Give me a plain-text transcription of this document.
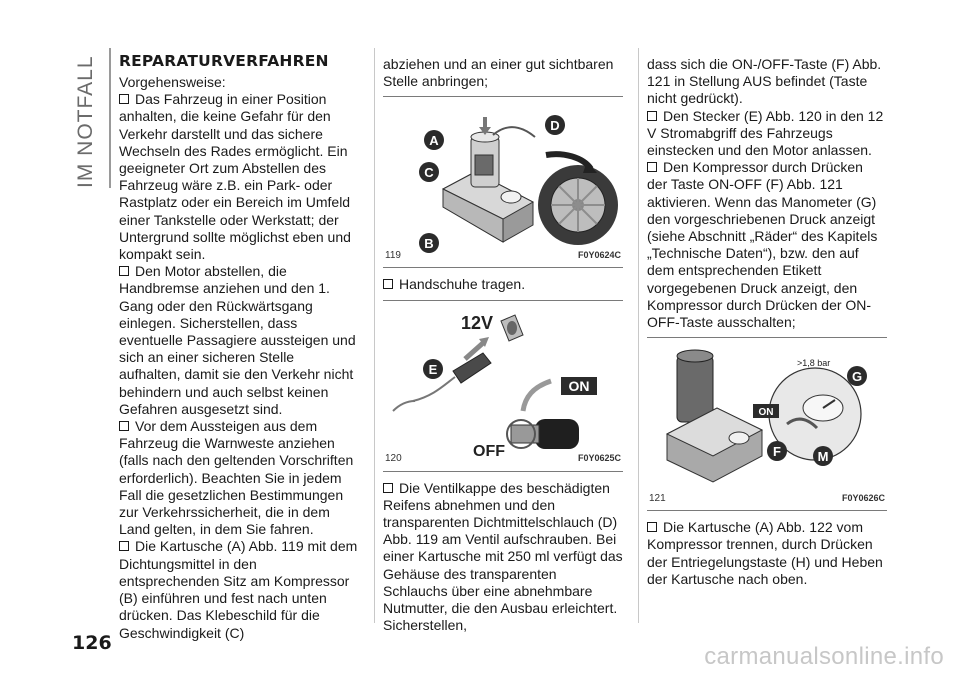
IM NOTFALL REPARATURVERFAHREN

Vorgehensweise:

Das Fahrzeug in einer Position anhalten, die keine Gefahr für den Verkehr darstellt und das sichere Wechseln des Rades ermöglicht. Ein geeigneter Ort zum Abstellen des Fahrzeug wäre z.B. ein Park- oder Rastplatz oder ein Bereich im Umfeld einer Tankstelle oder Werkstatt; der Untergrund sollte möglichst eben und kompakt sein.

Den Motor abstellen, die Handbremse anziehen und den 1. Gang oder den Rückwärtsgang einlegen. Sicherstellen, dass eventuelle Passagiere aussteigen und sich an einer sicheren Stelle aufhalten, damit sie den Verkehr nicht behindern und auch selbst keinen Gefahren ausgesetzt sind.

Vor dem Aussteigen aus dem Fahrzeug die Warnweste anziehen (falls nach den geltenden Vorschriften erforderlich). Beachten Sie in jedem Fall die gesetzlichen Bestimmungen zur Verkehrssicherheit, die in dem Land gelten, in dem Sie fahren.

Die Kartusche (A) Abb. 119 mit dem Dichtungsmittel in den entsprechenden Sitz am Kompressor (B) einführen und fest nach unten drücken. Das Klebeschild für die Geschwindigkeit (C)

abziehen und an einer gut sichtbaren Stelle anbringen;

A
C
B
D
119	F0Y0624C

Handschuhe tragen.

12V
E
ON
OFF
120	F0Y0625C

Die Ventilkappe des beschädigten Reifens abnehmen und den transparenten Dichtmittelschlauch (D) Abb. 119 am Ventil aufschrauben. Bei einer Kartusche mit 250 ml verfügt das Gehäuse des transparenten Schlauchs über eine abnehmbare Nutmutter, die den Ausbau erleichtert. Sicherstellen,

dass sich die ON-/OFF-Taste (F) Abb. 121 in Stellung AUS befindet (Taste nicht gedrückt).

Den Stecker (E) Abb. 120 in den 12 V Stromabgriff des Fahrzeugs einstecken und den Motor anlassen.

Den Kompressor durch Drücken der Taste ON-OFF (F) Abb. 121 aktivieren. Wenn das Manometer (G) den vorgeschriebenen Druck anzeigt (siehe Abschnitt „Räder“ des Kapitels „Technische Daten“), bzw. den auf dem entsprechenden Etikett vorgegebenen Druck anzeigt, den Kompressor durch Drücken der ON-OFF-Taste ausschalten;

>1,8 bar
G
ON
F	M
121	F0Y0626C

Die Kartusche (A) Abb. 122 vom Kompressor trennen, durch Drücken der Entriegelungstaste (H) und Heben der Kartusche nach oben.

126	carmanualsonline.info
